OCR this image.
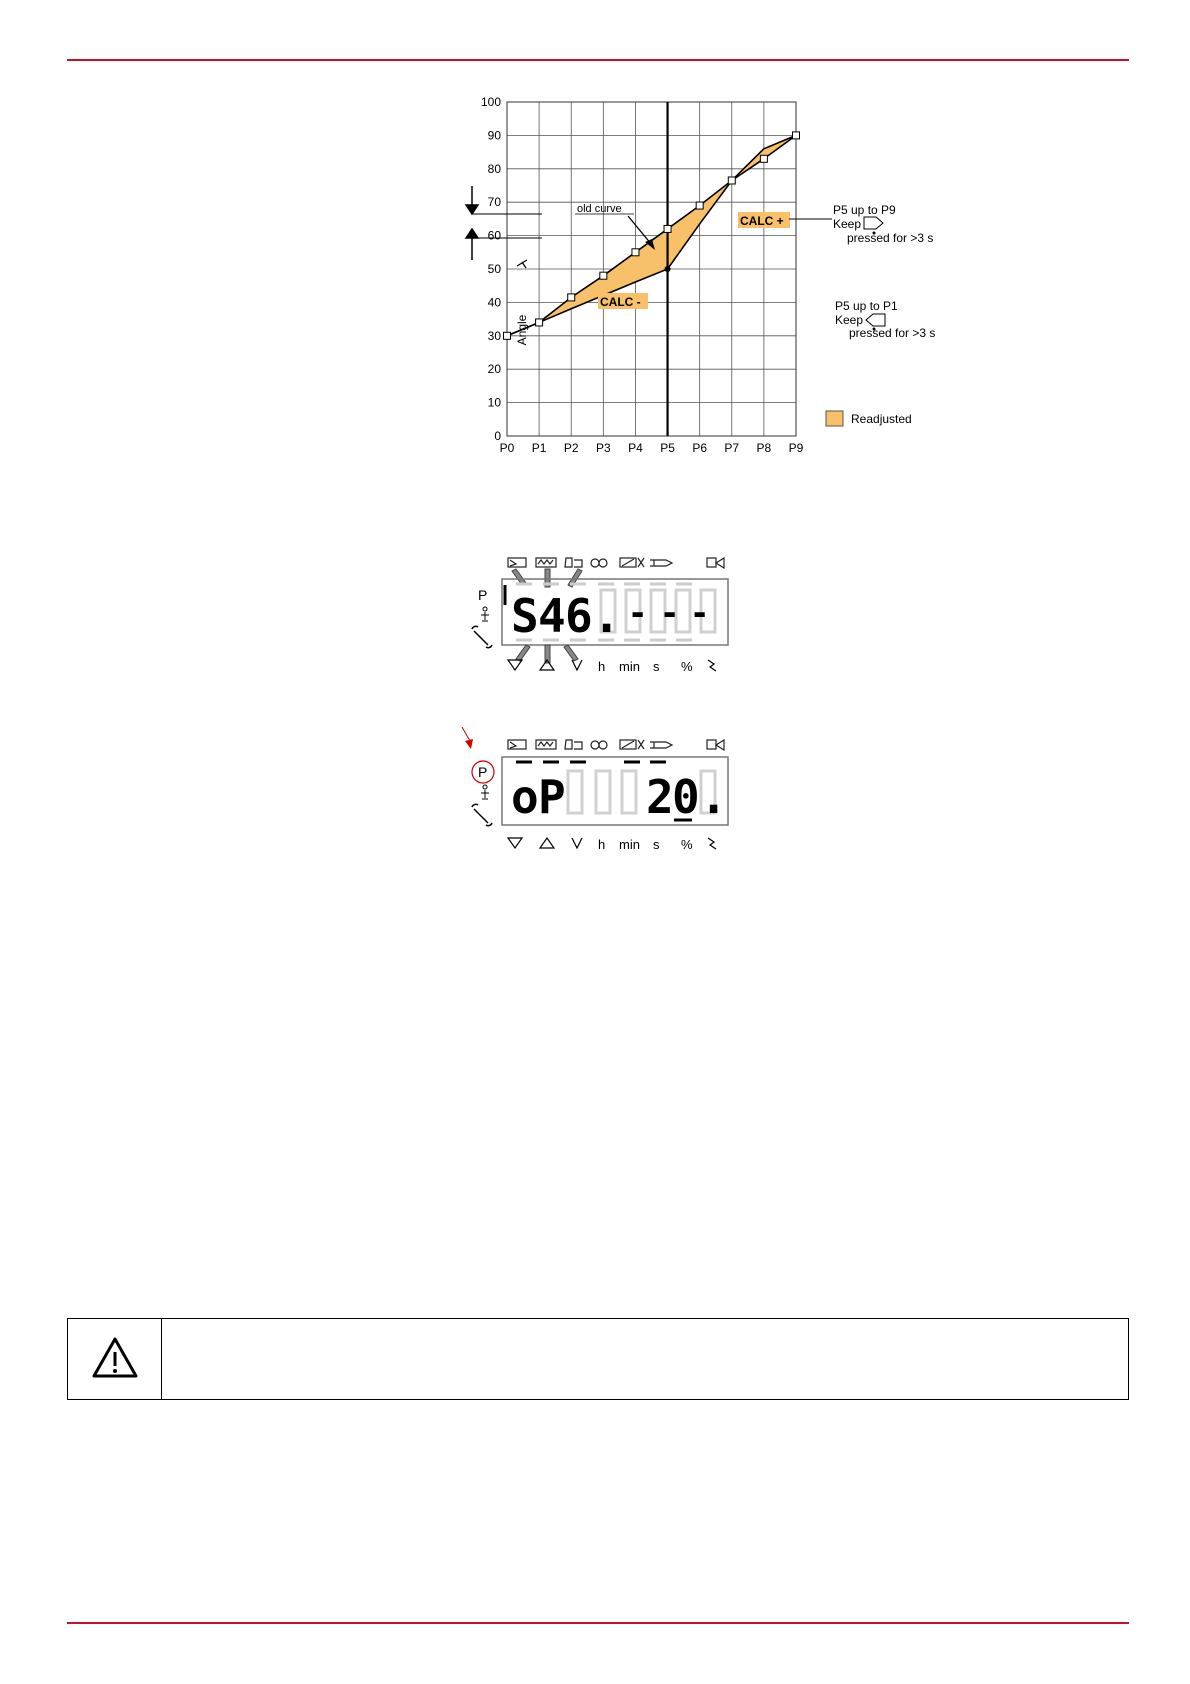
0
10
20
30
40
50
60
70
80
90
100
P0 P1 P2 P3 P4 P5 P6 P7 P8 P9
Angle
old curve
CALC +
CALC -
P5 up to P9
Keep
pressed for >3 s
P5 up to P1
Keep
pressed for >3 s
Readjusted
P S 4 6. - - -
h min s %
P o P 2
0.
h min s %
